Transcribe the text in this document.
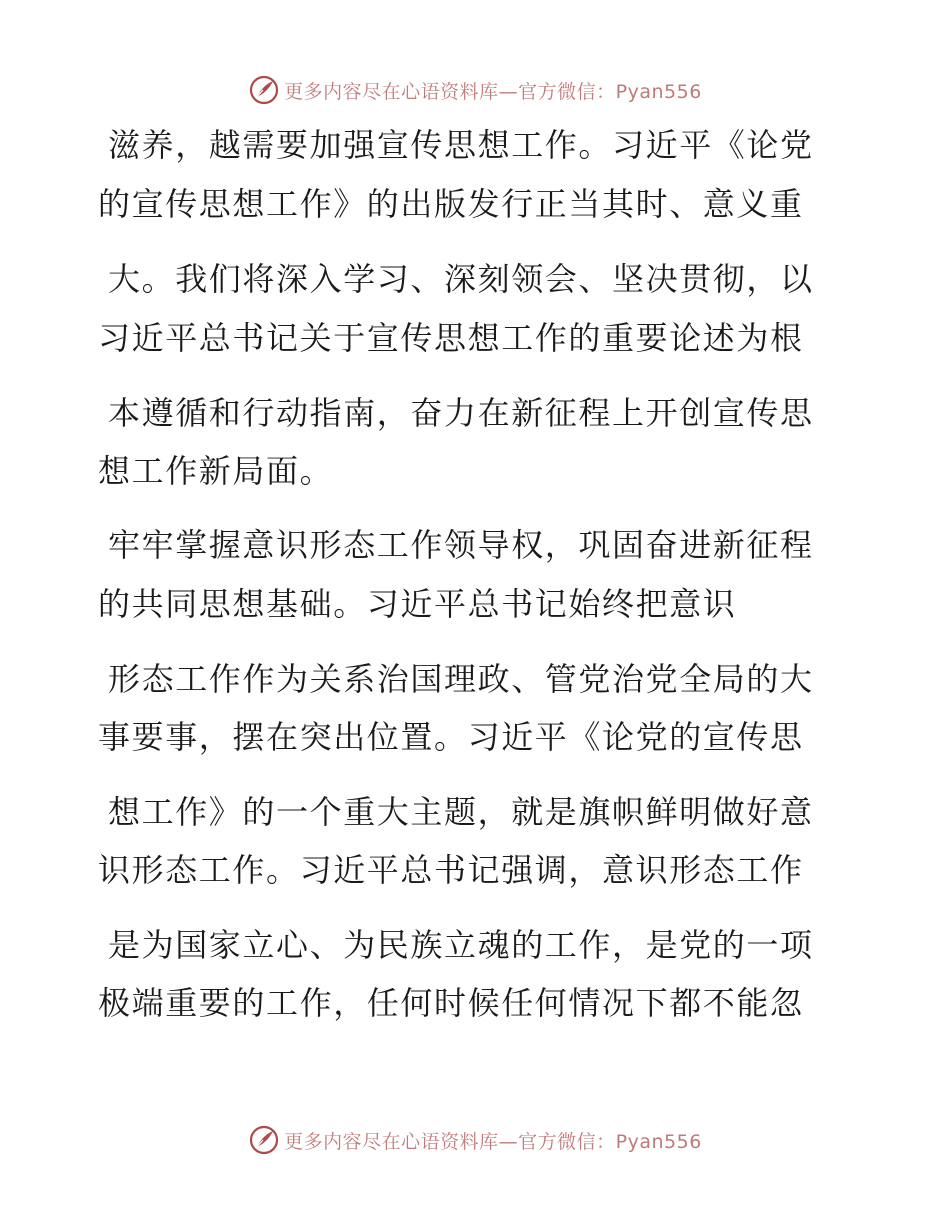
更多内容尽在心语资料库—官方微信：Pyan556
滋养，越需要加强宣传思想工作。习近平《论党
的宣传思想工作》的出版发行正当其时、意义重
大。我们将深入学习、深刻领会、坚决贯彻，以
习近平总书记关于宣传思想工作的重要论述为根
本遵循和行动指南，奋力在新征程上开创宣传思
想工作新局面。
牢牢掌握意识形态工作领导权，巩固奋进新征程
的共同思想基础。习近平总书记始终把意识
形态工作作为关系治国理政、管党治党全局的大
事要事，摆在突出位置。习近平《论党的宣传思
想工作》的一个重大主题，就是旗帜鲜明做好意
识形态工作。习近平总书记强调，意识形态工作
是为国家立心、为民族立魂的工作，是党的一项
极端重要的工作，任何时候任何情况下都不能忽
更多内容尽在心语资料库—官方微信：Pyan556
